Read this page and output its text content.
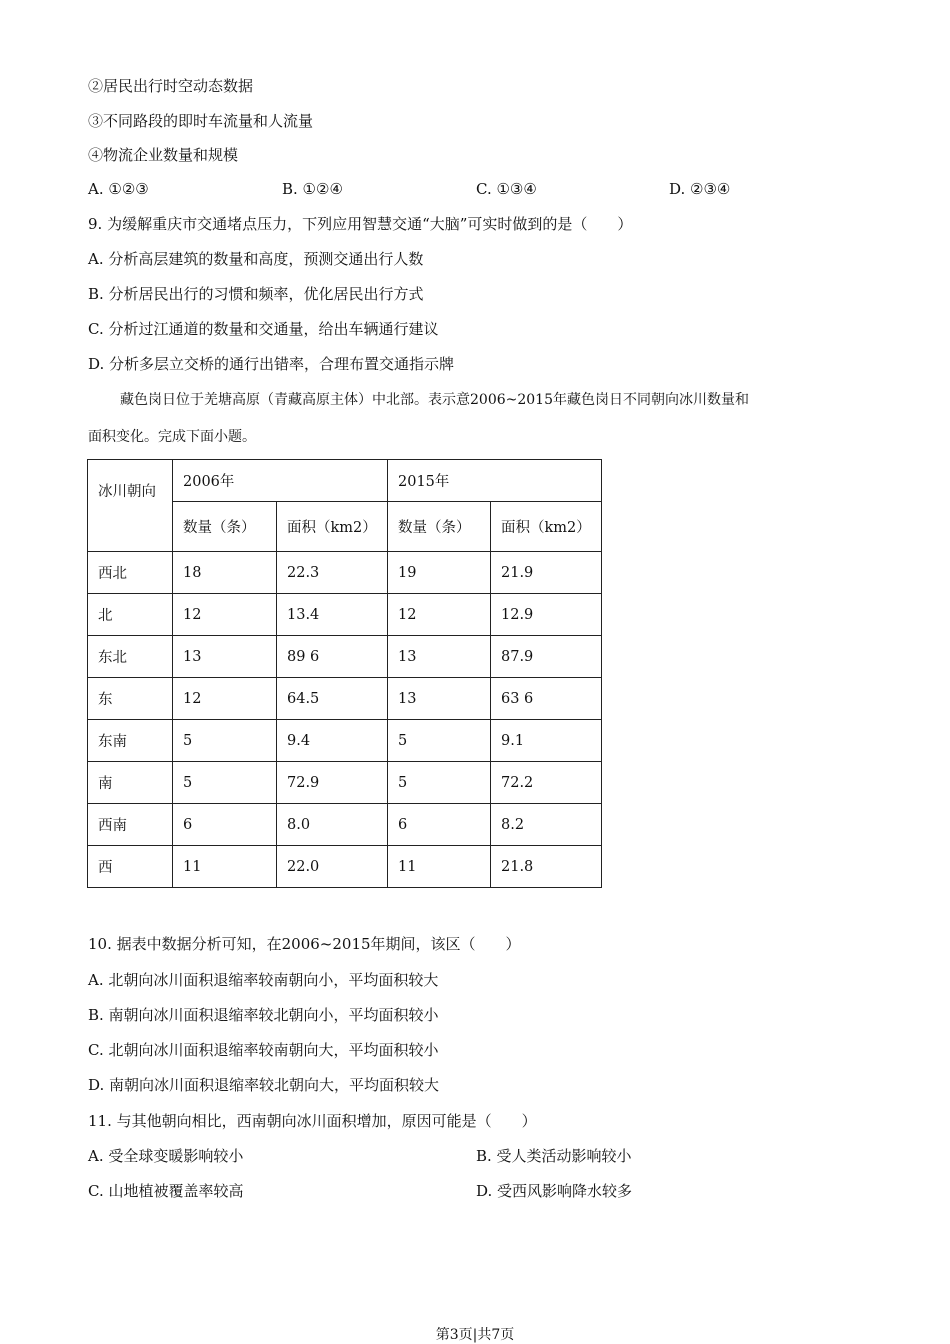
②居民出行时空动态数据
③不同路段的即时车流量和人流量
④物流企业数量和规模
A. ①②③	B. ①②④	C. ①③④	D. ②③④
9. 为缓解重庆市交通堵点压力，下列应用智慧交通“大脑”可实时做到的是（　　）
A. 分析高层建筑的数量和高度，预测交通出行人数
B. 分析居民出行的习惯和频率，优化居民出行方式
C. 分析过江通道的数量和交通量，给出车辆通行建议
D. 分析多层立交桥的通行出错率，合理布置交通指示牌
藏色岗日位于羌塘高原（青藏高原主体）中北部。表示意2006~2015年藏色岗日不同朝向冰川数量和
面积变化。完成下面小题。
冰川朝向	2006年		2015年	
	数量（条）	面积（km2）	数量（条）	面积（km2）
西北	18	22.3	19	21.9
北	12	13.4	12	12.9
东北	13	89 6	13	87.9
东	12	64.5	13	63 6
东南	5	9.4	5	9.1
南	5	72.9	5	72.2
西南	6	8.0	6	8.2
西	11	22.0	11	21.8
10. 据表中数据分析可知，在2006~2015年期间，该区（　　）
A. 北朝向冰川面积退缩率较南朝向小，平均面积较大
B. 南朝向冰川面积退缩率较北朝向小，平均面积较小
C. 北朝向冰川面积退缩率较南朝向大，平均面积较小
D. 南朝向冰川面积退缩率较北朝向大，平均面积较大
11. 与其他朝向相比，西南朝向冰川面积增加，原因可能是（　　）
A. 受全球变暖影响较小	B. 受人类活动影响较小
C. 山地植被覆盖率较高	D. 受西风影响降水较多
第3页|共7页
